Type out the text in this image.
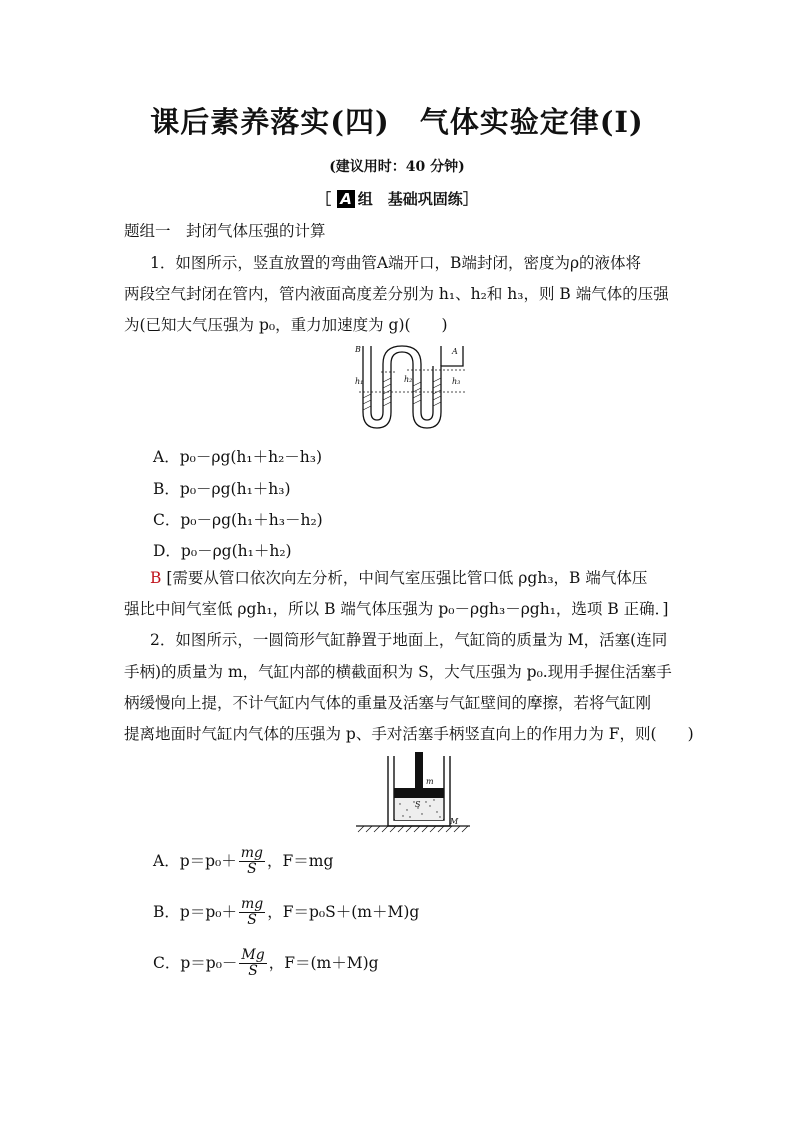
课后素养落实(四)　气体实验定律(Ⅰ)
(建议用时：40 分钟)
［ A 组　基础巩固练］
题组一　封闭气体压强的计算
1．如图所示，竖直放置的弯曲管A端开口，B端封闭，密度为ρ的液体将
两段空气封闭在管内，管内液面高度差分别为 h₁、h₂和 h₃，则 B 端气体的压强
为(已知大气压强为 p₀，重力加速度为 g)(　　)
B	A
h₁	h₂	h₃
A．p₀－ρg(h₁＋h₂－h₃)
B．p₀－ρg(h₁＋h₃)
C．p₀－ρg(h₁＋h₃－h₂)
D．p₀－ρg(h₁＋h₂)
B [需要从管口依次向左分析，中间气室压强比管口低 ρgh₃，B 端气体压
强比中间气室低 ρgh₁，所以 B 端气体压强为 p₀－ρgh₃－ρgh₁，选项 B 正确．]
2．如图所示，一圆筒形气缸静置于地面上，气缸筒的质量为 M，活塞(连同
手柄)的质量为 m，气缸内部的横截面积为 S，大气压强为 p₀.现用手握住活塞手
柄缓慢向上提，不计气缸内气体的重量及活塞与气缸壁间的摩擦，若将气缸刚
提离地面时气缸内气体的压强为 p、手对活塞手柄竖直向上的作用力为 F，则(　　)
m
S
M
A．$p=p_0+ \frac{mg}{S}$ ，F＝mg
B．$p=p_0+ \frac{mg}{S}$ ，F＝p₀S＋(m＋M)g
C．$p=p_0- \frac{Mg}{S}$ ，F＝(m＋M)g
